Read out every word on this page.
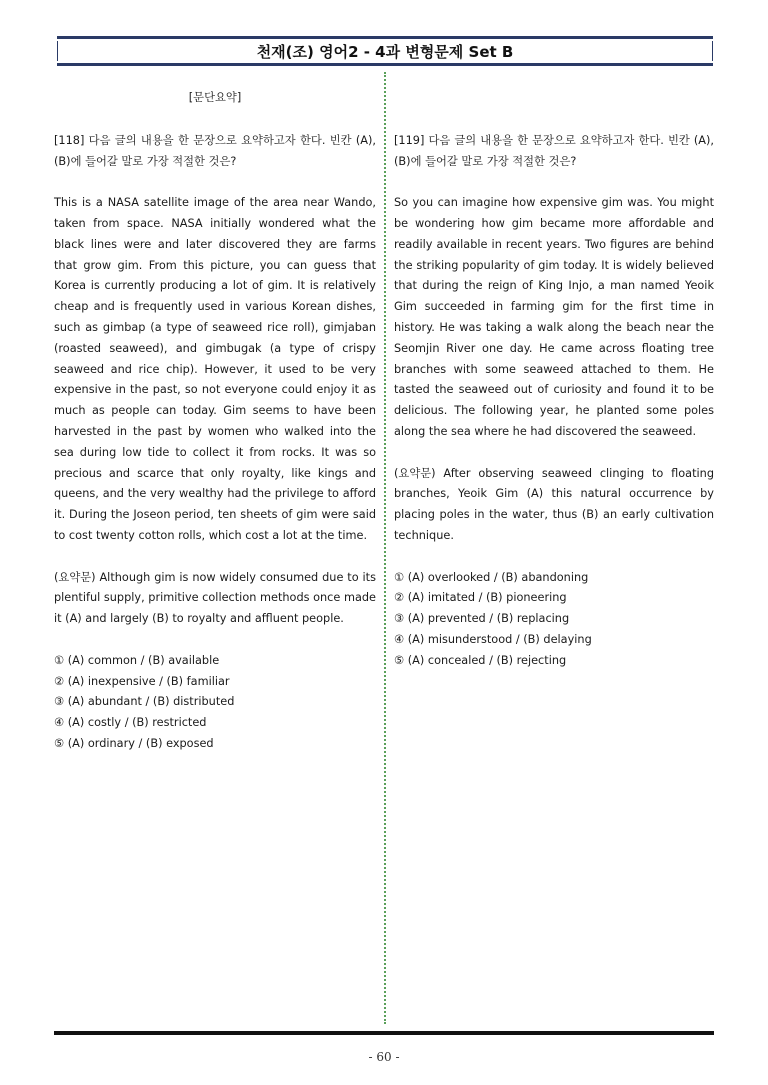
천재(조) 영어2 - 4과 변형문제 Set B
[문단요약]

[118] 다음 글의 내용을 한 문장으로 요약하고자 한다. 빈칸 (A), (B)에 들어갈 말로 가장 적절한 것은?

This is a NASA satellite image of the area near Wando, taken from space. NASA initially wondered what the black lines were and later discovered they are farms that grow gim. From this picture, you can guess that Korea is currently producing a lot of gim. It is relatively cheap and is frequently used in various Korean dishes, such as gimbap (a type of seaweed rice roll), gimjaban (roasted seaweed), and gimbugak (a type of crispy seaweed and rice chip). However, it used to be very expensive in the past, so not everyone could enjoy it as much as people can today. Gim seems to have been harvested in the past by women who walked into the sea during low tide to collect it from rocks. It was so precious and scarce that only royalty, like kings and queens, and the very wealthy had the privilege to afford it. During the Joseon period, ten sheets of gim were said to cost twenty cotton rolls, which cost a lot at the time.

(요약문) Although gim is now widely consumed due to its plentiful supply, primitive collection methods once made it (A) and largely (B) to royalty and affluent people.

① (A) common / (B) available
② (A) inexpensive / (B) familiar
③ (A) abundant / (B) distributed
④ (A) costly / (B) restricted
⑤ (A) ordinary / (B) exposed

[119] 다음 글의 내용을 한 문장으로 요약하고자 한다. 빈칸 (A), (B)에 들어갈 말로 가장 적절한 것은?

So you can imagine how expensive gim was. You might be wondering how gim became more affordable and readily available in recent years. Two figures are behind the striking popularity of gim today. It is widely believed that during the reign of King Injo, a man named Yeoik Gim succeeded in farming gim for the first time in history. He was taking a walk along the beach near the Seomjin River one day. He came across floating tree branches with some seaweed attached to them. He tasted the seaweed out of curiosity and found it to be delicious. The following year, he planted some poles along the sea where he had discovered the seaweed.

(요약문) After observing seaweed clinging to floating branches, Yeoik Gim (A) this natural occurrence by placing poles in the water, thus (B) an early cultivation technique.

① (A) overlooked / (B) abandoning
② (A) imitated / (B) pioneering
③ (A) prevented / (B) replacing
④ (A) misunderstood / (B) delaying
⑤ (A) concealed / (B) rejecting
- 60 -
